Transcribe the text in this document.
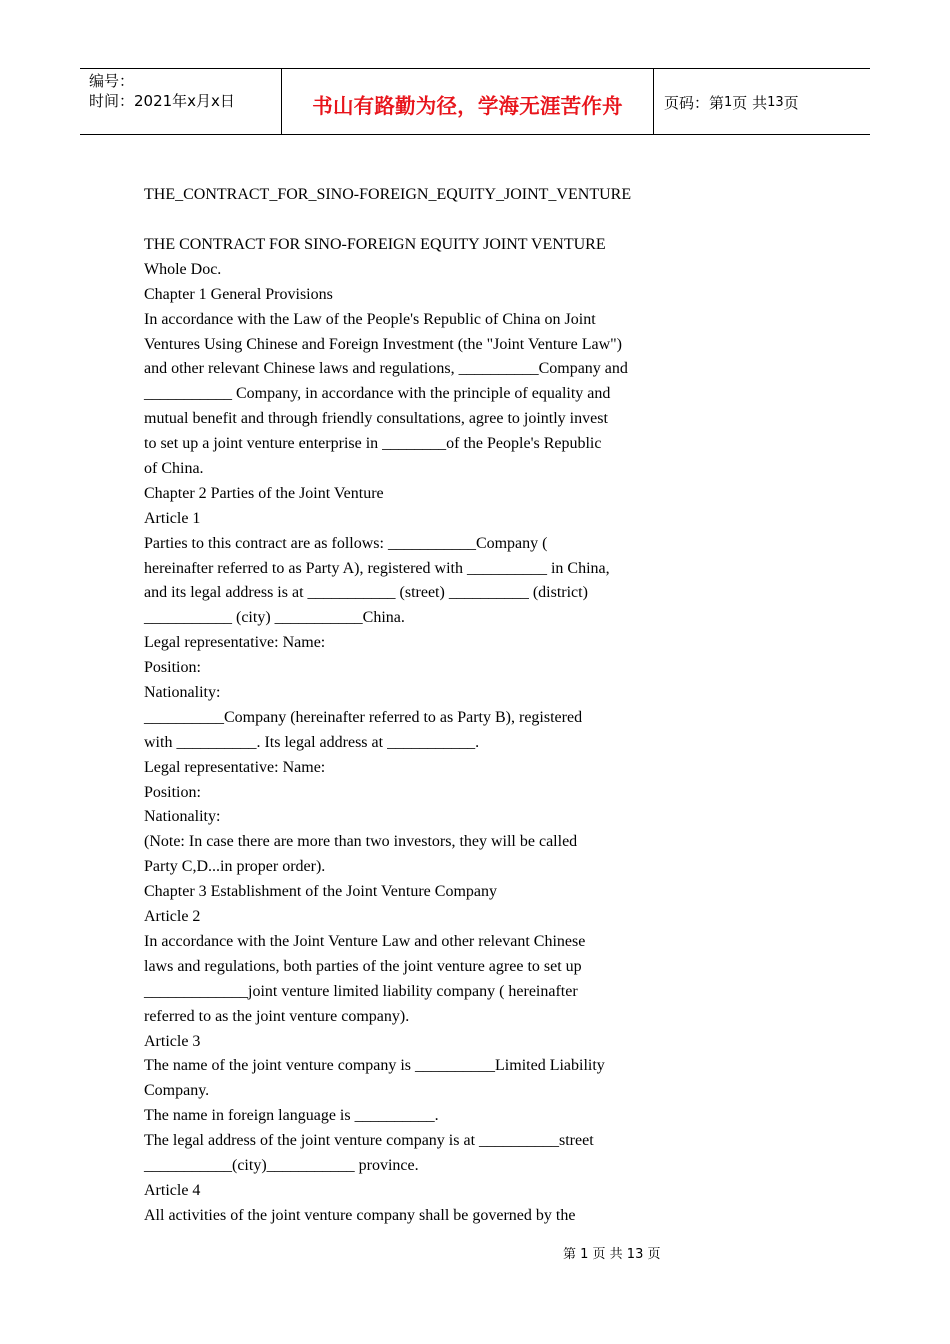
编号：
时间：2021年x月x日	书山有路勤为径，学海无涯苦作舟	页码：第 1 页 共 13 页
THE_CONTRACT_FOR_SINO-FOREIGN_EQUITY_JOINT_VENTURE
THE CONTRACT FOR SINO-FOREIGN EQUITY JOINT VENTURE
Whole Doc.
Chapter 1 General Provisions
In accordance with the Law of the People's Republic of China on Joint
Ventures Using Chinese and Foreign Investment (the "Joint Venture Law")
and other relevant Chinese laws and regulations, __________Company and
___________ Company, in accordance with the principle of equality and
mutual benefit and through friendly consultations, agree to jointly invest
to set up a joint venture enterprise in ________of the People's Republic
of China.
Chapter 2 Parties of the Joint Venture
Article 1
Parties to this contract are as follows: ___________Company (
hereinafter referred to as Party A), registered with __________ in China,
and its legal address is at ___________ (street) __________ (district)
___________ (city) ___________China.
Legal representative: Name:
Position:
Nationality:
__________Company (hereinafter referred to as Party B), registered
with __________. Its legal address at ___________.
Legal representative: Name:
Position:
Nationality:
(Note: In case there are more than two investors, they will be called
Party C,D...in proper order).
Chapter 3 Establishment of the Joint Venture Company
Article 2
In accordance with the Joint Venture Law and other relevant Chinese
laws and regulations, both parties of the joint venture agree to set up
_____________joint venture limited liability company ( hereinafter
referred to as the joint venture company).
Article 3
The name of the joint venture company is __________Limited Liability
Company.
The name in foreign language is __________.
The legal address of the joint venture company is at __________street
___________(city)___________ province.
Article 4
All activities of the joint venture company shall be governed by the
第 1 页 共 13 页
